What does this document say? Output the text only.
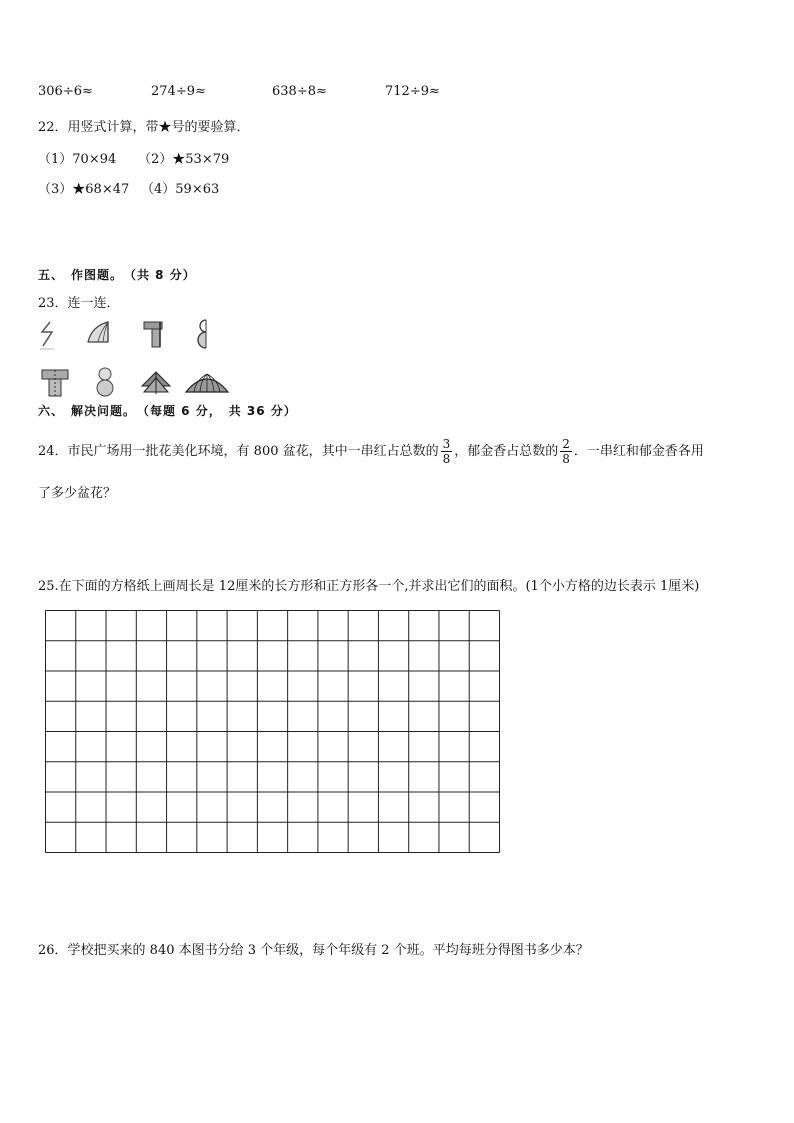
306÷6≈	274÷9≈	638÷8≈	712÷9≈
22．用竖式计算，带★号的要验算．
（1）70×94 （2）★53×79
（3）★68×47 （4）59×63
五、　作图题。　（共 8 分）
23．连一连．
六、　解决问题。　（每题 6 分，　共 36 分）
24．市民广场用一批花美化环境，有 800 盆花，其中一串红占总数的 $\frac{3}{8}$ ，郁金香占总数的 $\frac{2}{8}$ ．一串红和郁金香各用
了多少盆花？
25.在下面的方格纸上画周长是 12厘米的长方形和正方形各一个,并求出它们的面积。(1个小方格的边长表示 1厘米)
26．学校把买来的 840 本图书分给 3 个年级，每个年级有 2 个班。平均每班分得图书多少本？
